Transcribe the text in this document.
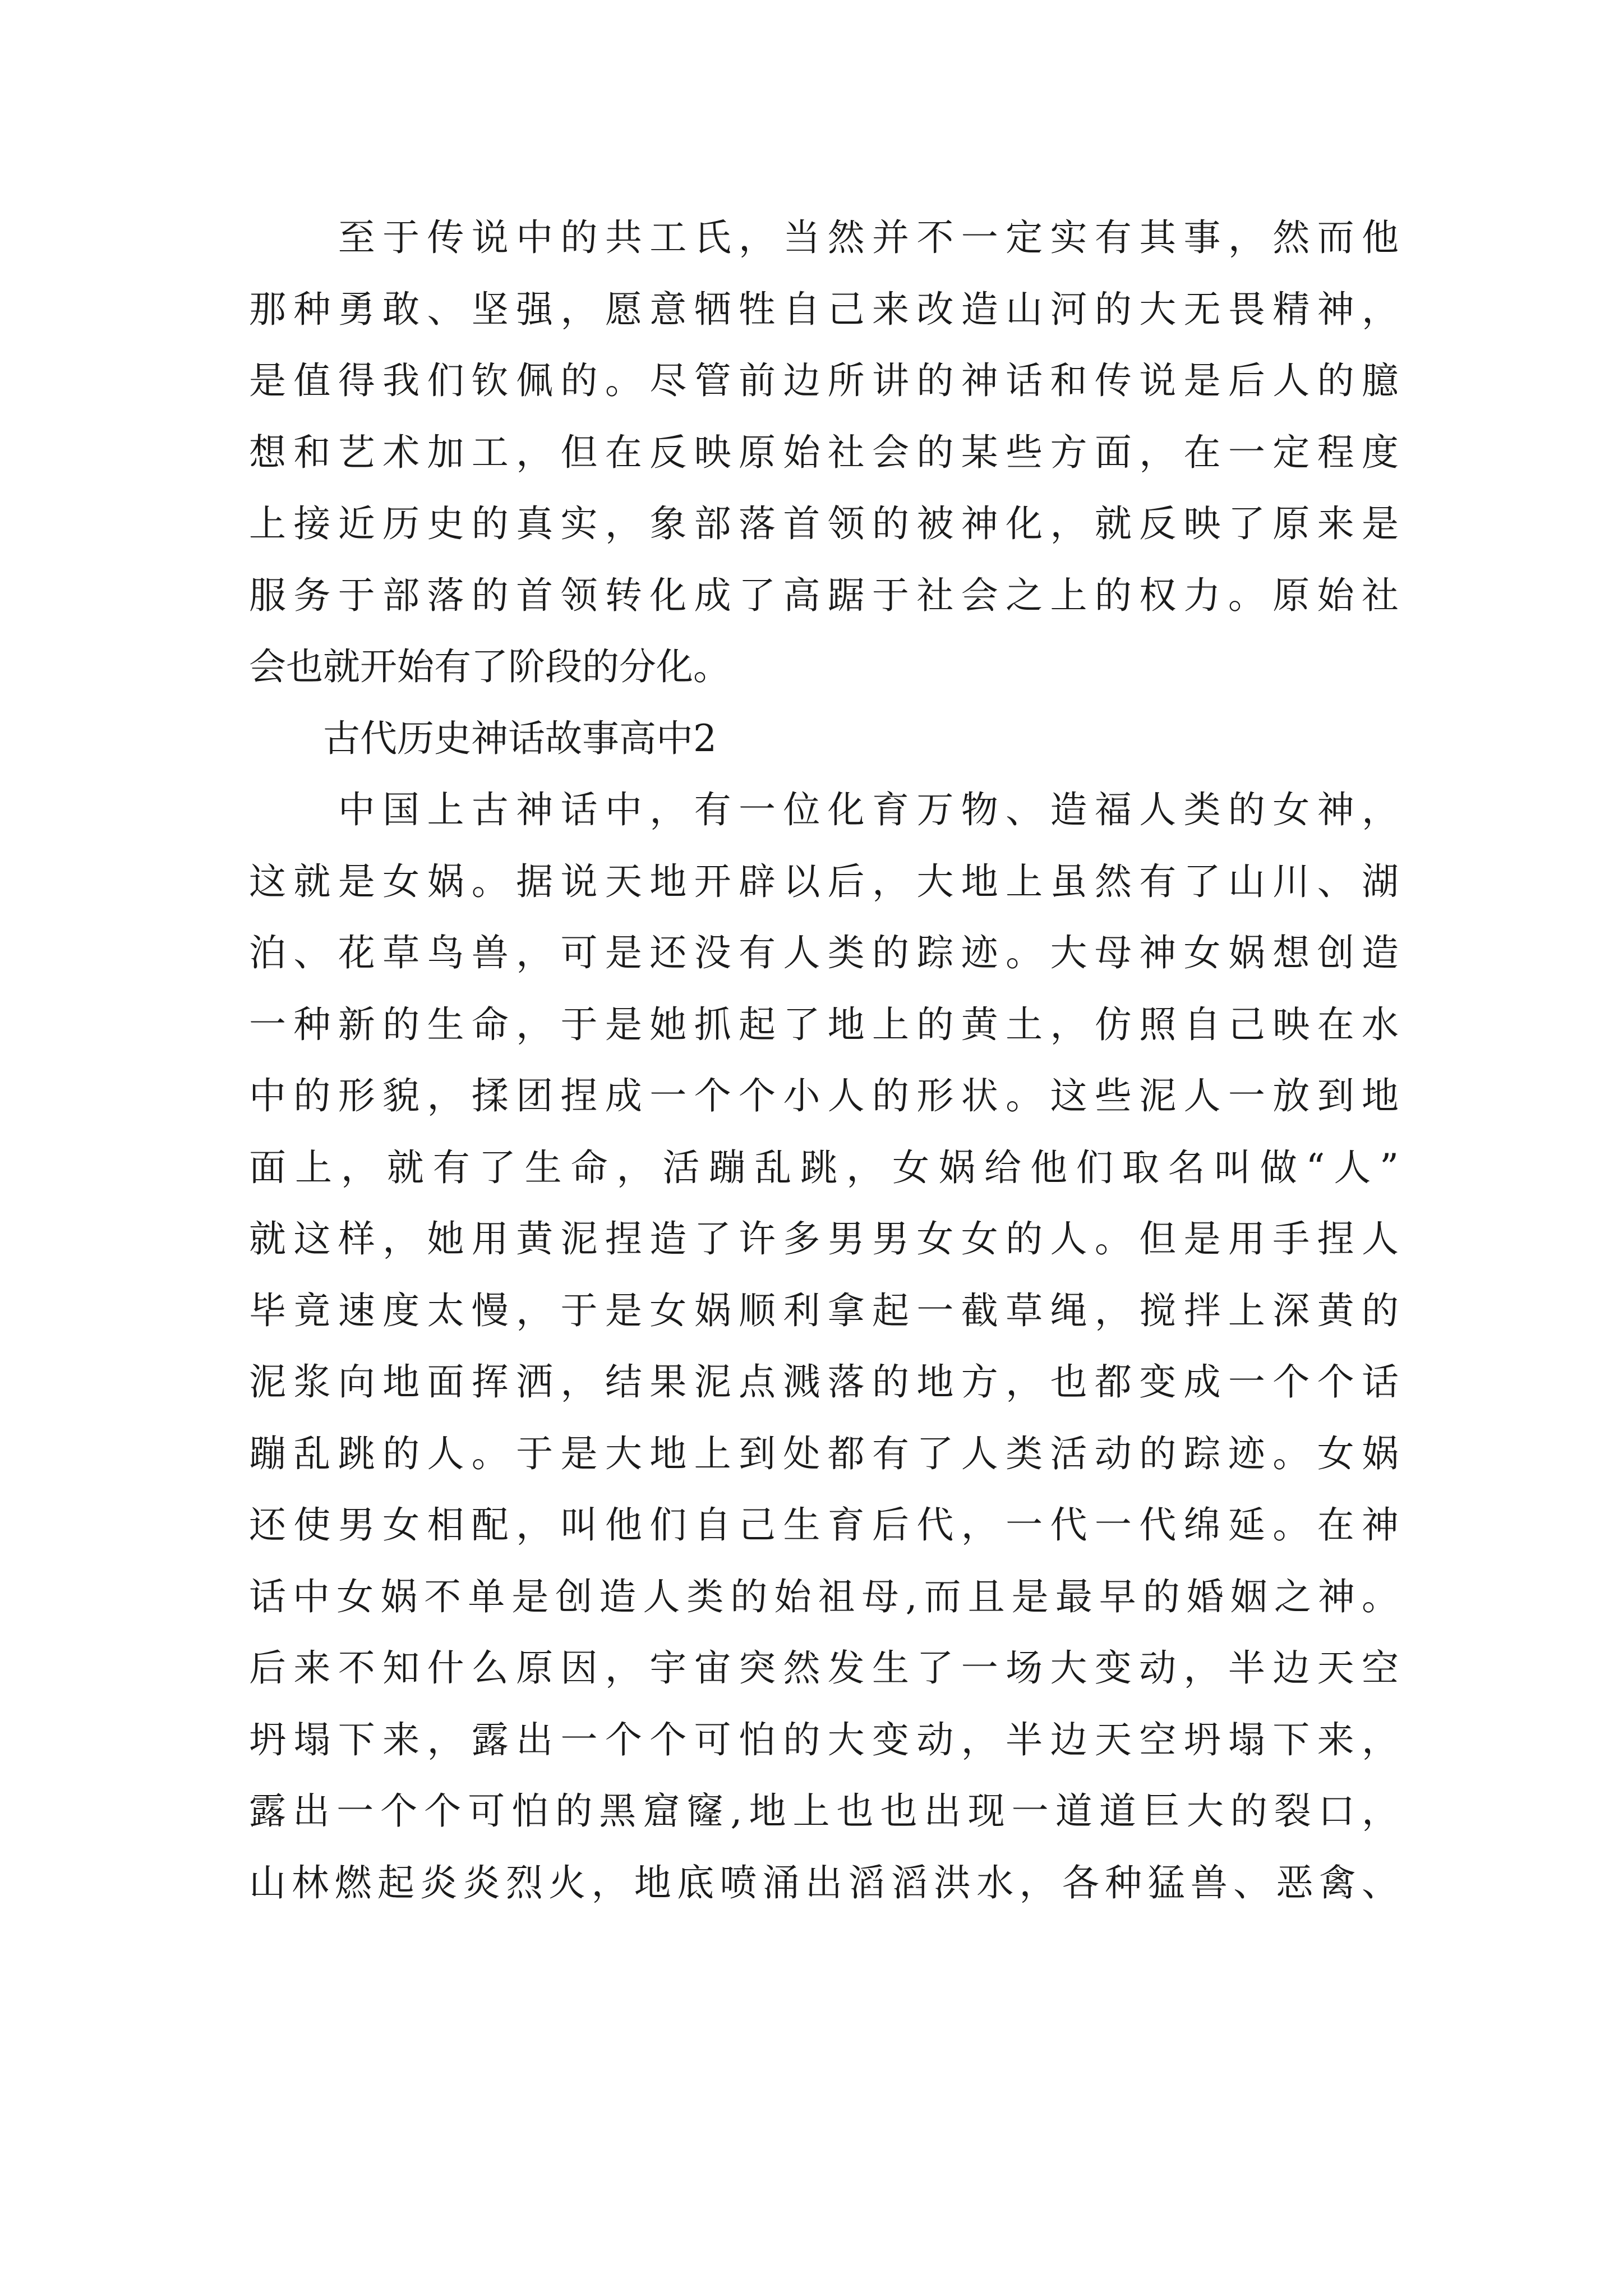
　　至于传说中的共工氏，当然并不一定实有其事，然而他
那种勇敢、坚强，愿意牺牲自己来改造山河的大无畏精神，
是值得我们钦佩的。尽管前边所讲的神话和传说是后人的臆
想和艺术加工，但在反映原始社会的某些方面，在一定程度
上接近历史的真实，象部落首领的被神化，就反映了原来是
服务于部落的首领转化成了高踞于社会之上的权力。原始社
会也就开始有了阶段的分化。
　　古代历史神话故事高中2
　　中国上古神话中，有一位化育万物、造福人类的女神，
这就是女娲。据说天地开辟以后，大地上虽然有了山川、湖
泊、花草鸟兽，可是还没有人类的踪迹。大母神女娲想创造
一种新的生命，于是她抓起了地上的黄土，仿照自己映在水
中的形貌，揉团捏成一个个小人的形状。这些泥人一放到地
面上，就有了生命，活蹦乱跳，女娲给他们取名叫做“人”
就这样，她用黄泥捏造了许多男男女女的人。但是用手捏人
毕竟速度太慢，于是女娲顺利拿起一截草绳，搅拌上深黄的
泥浆向地面挥洒，结果泥点溅落的地方，也都变成一个个话
蹦乱跳的人。于是大地上到处都有了人类活动的踪迹。女娲
还使男女相配，叫他们自己生育后代，一代一代绵延。在神
话中女娲不单是创造人类的始祖母,而且是最早的婚姻之神。
后来不知什么原因，宇宙突然发生了一场大变动，半边天空
坍塌下来，露出一个个可怕的大变动，半边天空坍塌下来，
露出一个个可怕的黑窟窿,地上也也出现一道道巨大的裂口，
山林燃起炎炎烈火，地底喷涌出滔滔洪水，各种猛兽、恶禽、
